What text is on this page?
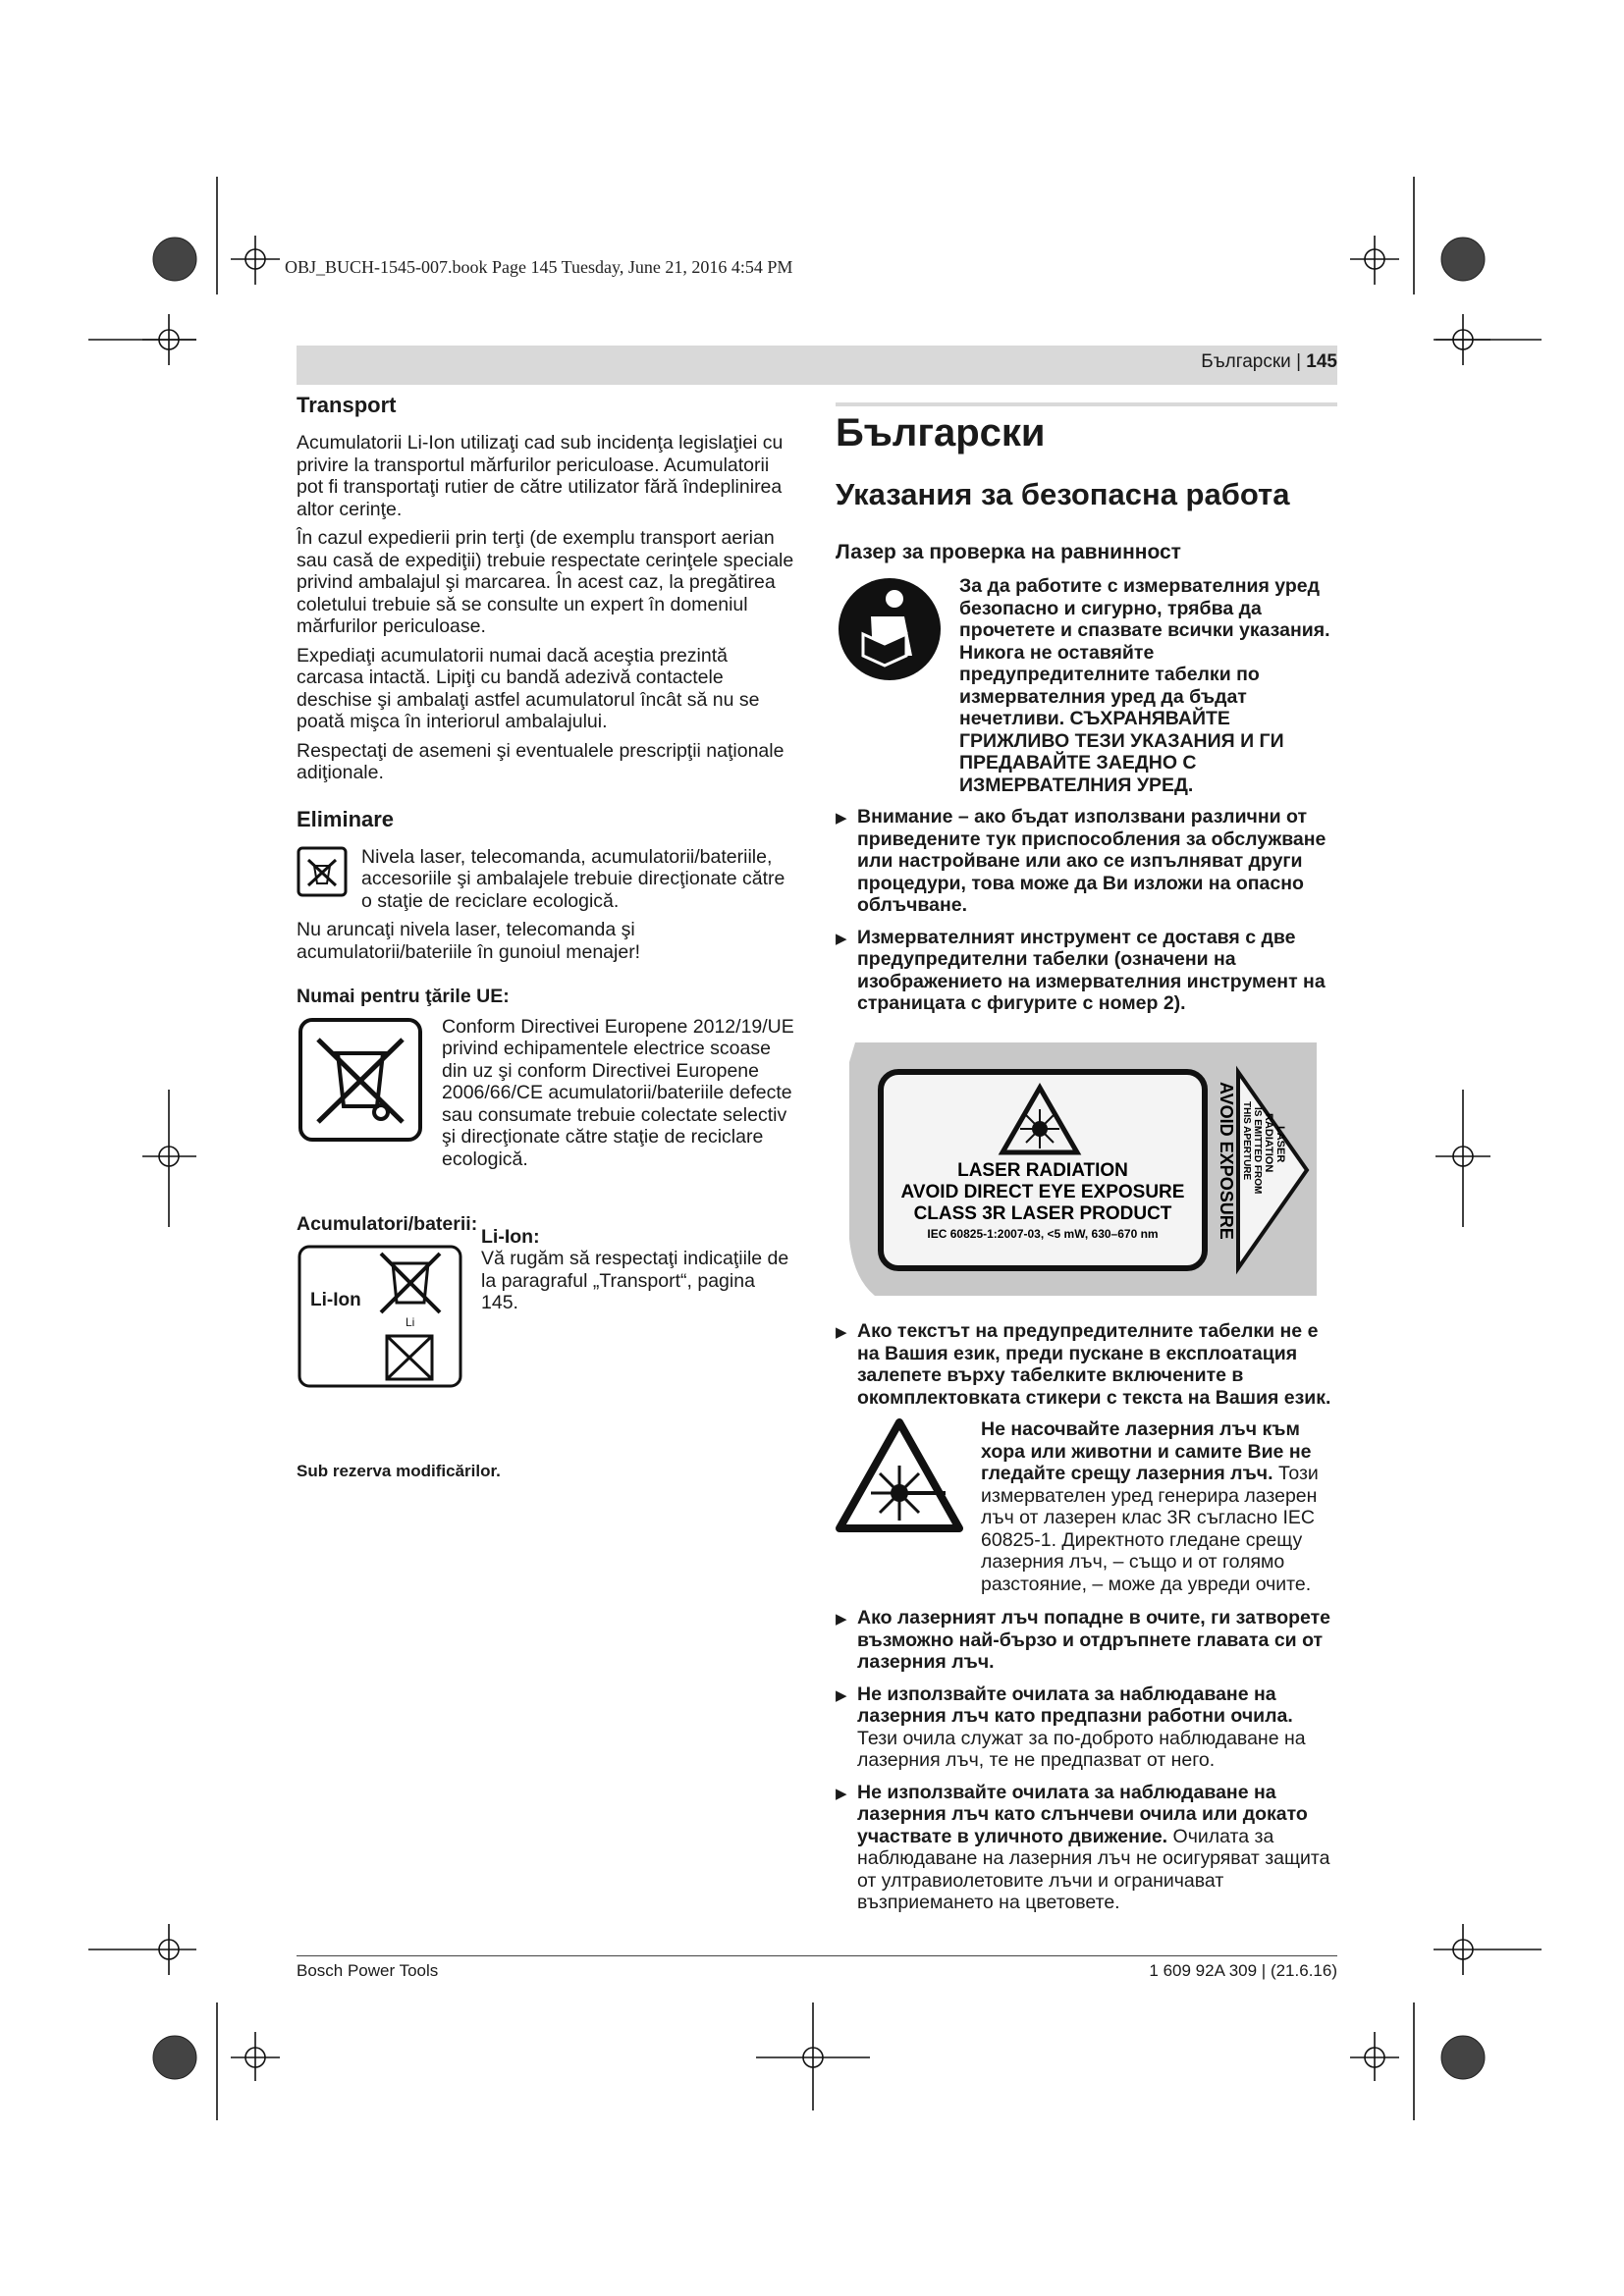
OBJ_BUCH-1545-007.book Page 145 Tuesday, June 21, 2016 4:54 PM
Български | 145
Transport

Acumulatorii Li-Ion utilizaţi cad sub incidenţa legislaţiei cu privire la transportul mărfurilor periculoase. Acumulatorii pot fi transportaţi rutier de către utilizator fără îndeplinirea altor cerinţe.

În cazul expedierii prin terţi (de exemplu transport aerian sau casă de expediţii) trebuie respectate cerinţele speciale privind ambalajul şi marcarea. În acest caz, la pregătirea coletului trebuie să se consulte un expert în domeniul mărfurilor periculoase.

Expediaţi acumulatorii numai dacă aceştia prezintă carcasa intactă. Lipiţi cu bandă adezivă contactele deschise şi ambalaţi astfel acumulatorul încât să nu se poată mişca în interiorul ambalajului.

Respectaţi de asemeni şi eventualele prescripţii naţionale adiţionale.

Eliminare

Nivela laser, telecomanda, acumulatorii/bateriile, accesoriile şi ambalajele trebuie direcţionate către o staţie de reciclare ecologică.

Nu aruncaţi nivela laser, telecomanda şi acumulatorii/bateriile în gunoiul menajer!

Numai pentru ţările UE:

Conform Directivei Europene 2012/19/UE privind echipamentele electrice scoase din uz şi conform Directivei Europene 2006/66/CE acumulatorii/bateriile defecte sau consumate trebuie colectate selectiv şi direcţionate către staţie de reciclare ecologică.

Acumulatori/baterii:
Li-Ion
Li
Li-Ion:

Vă rugăm să respectaţi indicaţiile de la paragraful „Transport“, pagina 145.

Sub rezerva modificărilor.
Български
Указания за безопасна работа
Лазер за проверка на равнинност

За да работите с измервателния уред безопасно и сигурно, трябва да прочетете и спазвате всички указания. Никога не оставяйте предупредителните табелки по измервателния уред да бъдат нечетливи. СЪХРАНЯВАЙТЕ ГРИЖЛИВО ТЕЗИ УКАЗАНИЯ И ГИ ПРЕДАВАЙТЕ ЗАЕДНО С ИЗМЕРВАТЕЛНИЯ УРЕД.

▶ Внимание – ако бъдат използвани различни от приведените тук приспособления за обслужване или настройване или ако се изпълняват други процедури, това може да Ви изложи на опасно облъчване.
▶ Измервателният инструмент се доставя с две предупредителни табелки (означени на изображението на измервателния инструмент на страницата с фигурите с номер 2).
LASER RADIATION
AVOID DIRECT EYE EXPOSURE
CLASS 3R LASER PRODUCT
IEC 60825-1:2007-03, <5 mW, 630–670 nm	AVOID EXPOSURE	LASER
RADIATION
IS EMITTED FROM
THIS APERTURE
▶ Ако текстът на предупредителните табелки не е на Вашия език, преди пускане в експлоатация залепете върху табелките включените в окомплектовката стикери с текста на Вашия език.

Не насочвайте лазерния лъч към хора или животни и самите Вие не гледайте срещу лазерния лъч. Този измервателен уред генерира лазерен лъч от лазерен клас 3R съгласно IEC 60825-1. Директното гледане срещу лазерния лъч, – също и от голямо разстояние, – може да увреди очите.

▶ Ако лазерният лъч попадне в очите, ги затворете възможно най-бързо и отдръпнете главата си от лазерния лъч.
▶ Не използвайте очилата за наблюдаване на лазерния лъч като предпазни работни очила. Тези очила служат за по-доброто наблюдаване на лазерния лъч, те не предпазват от него.
▶ Не използвайте очилата за наблюдаване на лазерния лъч като слънчеви очила или докато участвате в уличното движение. Очилата за наблюдаване на лазерния лъч не осигуряват защита от ултравиолетовите лъчи и ограничават възприемането на цветовете.
Bosch Power Tools	1 609 92A 309 | (21.6.16)
